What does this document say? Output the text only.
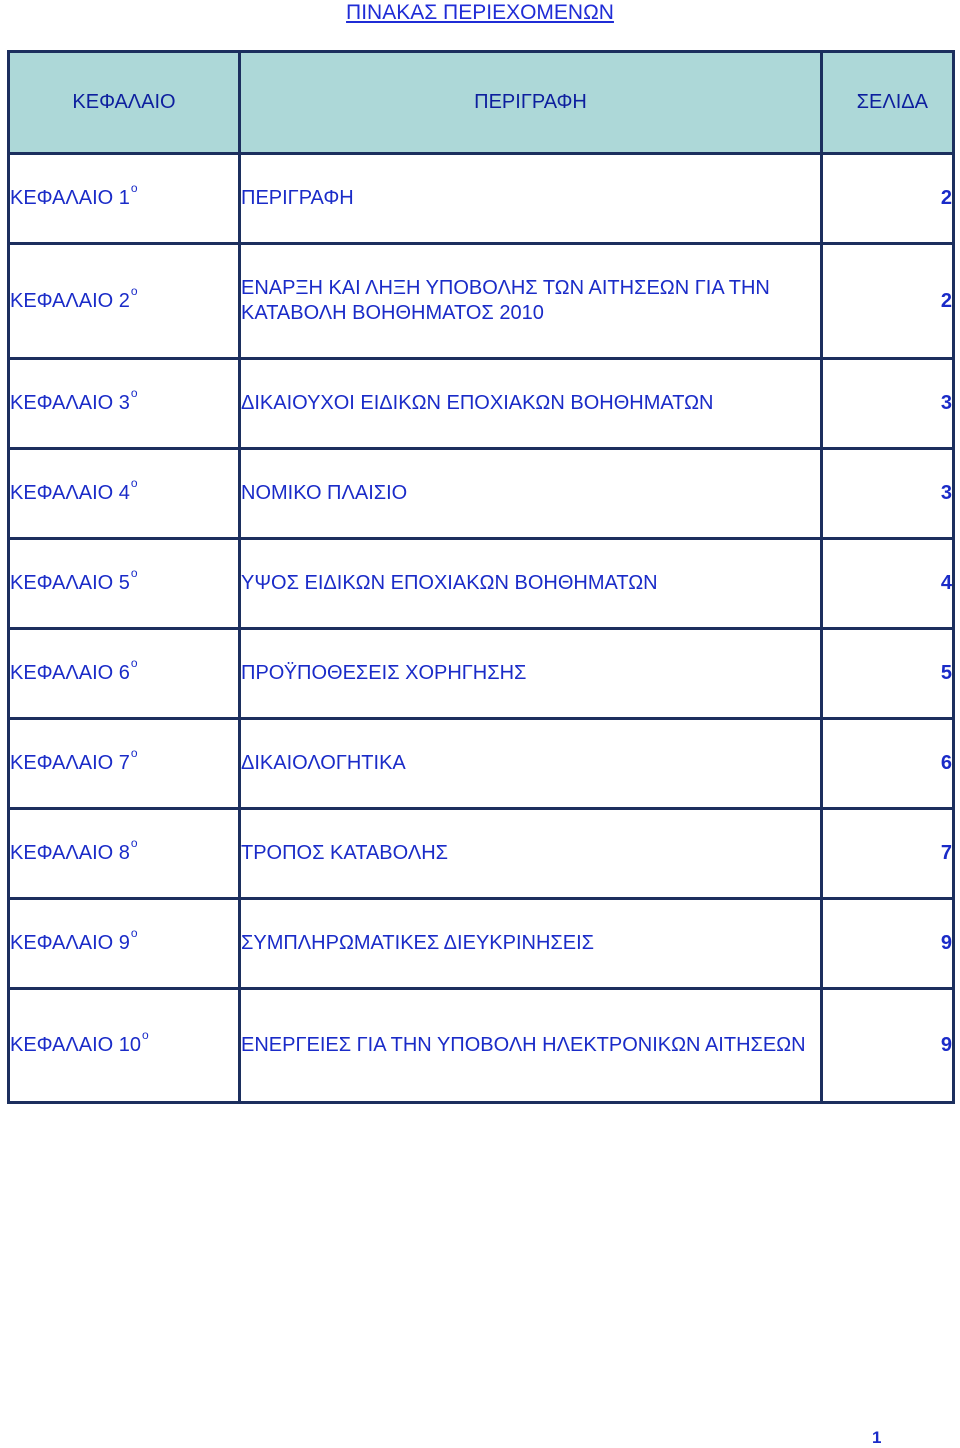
ΠΙΝΑΚΑΣ ΠΕΡΙΕΧΟΜΕΝΩΝ
ΚΕΦΑΛΑΙΟ	ΠΕΡΙΓΡΑΦΗ	ΣΕΛΙΔΑ
ΚΕΦΑΛΑΙΟ $1^o$	ΠΕΡΙΓΡΑΦΗ	2
ΚΕΦΑΛΑΙΟ $2^o$	ΕΝΑΡΞΗ ΚΑΙ ΛΗΞΗ ΥΠΟΒΟΛΗΣ ΤΩΝ ΑΙΤΗΣΕΩΝ ΓΙΑ ΤΗΝ ΚΑΤΑΒΟΛΗ ΒΟΗΘΗΜΑΤΟΣ 2010	2
ΚΕΦΑΛΑΙΟ $3^o$	ΔΙΚΑΙΟΥΧΟΙ ΕΙΔΙΚΩΝ ΕΠΟΧΙΑΚΩΝ ΒΟΗΘΗΜΑΤΩΝ	3
ΚΕΦΑΛΑΙΟ $4^o$	ΝΟΜΙΚΟ ΠΛΑΙΣΙΟ	3
ΚΕΦΑΛΑΙΟ $5^o$	ΥΨΟΣ ΕΙΔΙΚΩΝ ΕΠΟΧΙΑΚΩΝ ΒΟΗΘΗΜΑΤΩΝ	4
ΚΕΦΑΛΑΙΟ $6^o$	ΠΡΟΫΠΟΘΕΣΕΙΣ ΧΟΡΗΓΗΣΗΣ	5
ΚΕΦΑΛΑΙΟ $7^o$	ΔΙΚΑΙΟΛΟΓΗΤΙΚΑ	6
ΚΕΦΑΛΑΙΟ $8^o$	ΤΡΟΠΟΣ ΚΑΤΑΒΟΛΗΣ	7
ΚΕΦΑΛΑΙΟ $9^o$	ΣΥΜΠΛΗΡΩΜΑΤΙΚΕΣ ΔΙΕΥΚΡΙΝΗΣΕΙΣ	9
ΚΕΦΑΛΑΙΟ $10^o$	ΕΝΕΡΓΕΙΕΣ ΓΙΑ ΤΗΝ ΥΠΟΒΟΛΗ ΗΛΕΚΤΡΟΝΙΚΩΝ ΑΙΤΗΣΕΩΝ	9
1
